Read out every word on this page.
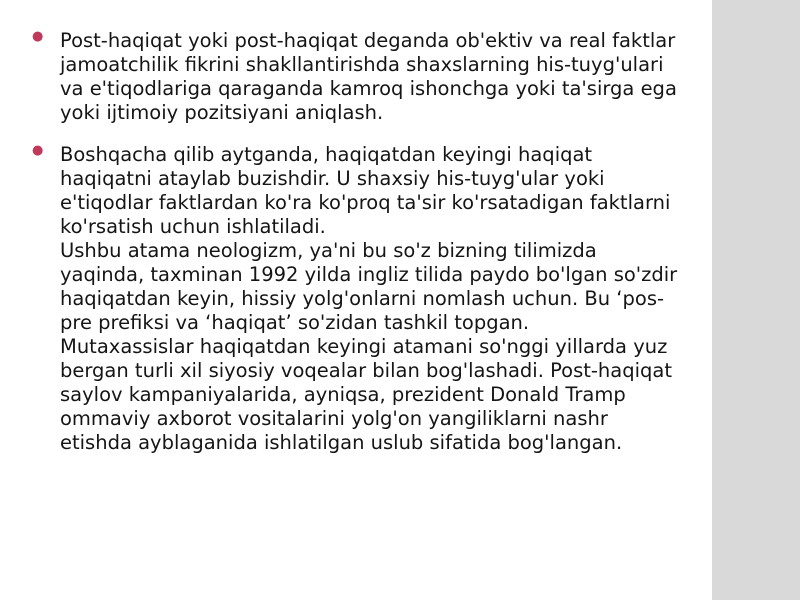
● Post-haqiqat yoki post-haqiqat deganda ob'ektiv va real faktlar jamoatchilik fikrini shakllantirishda shaxslarning his-tuyg'ulari va e'tiqodlariga qaraganda kamroq ishonchga yoki ta'sirga ega yoki ijtimoiy pozitsiyani aniqlash.

● Boshqacha qilib aytganda, haqiqatdan keyingi haqiqat haqiqatni ataylab buzishdir. U shaxsiy his-tuyg'ular yoki e'tiqodlar faktlardan ko'ra ko'proq ta'sir ko'rsatadigan faktlarni ko'rsatish uchun ishlatiladi.

Ushbu atama neologizm, ya'ni bu so'z bizning tilimizda yaqinda, taxminan 1992 yilda ingliz tilida paydo bo'lgan so'zdir haqiqatdan keyin, hissiy yolg'onlarni nomlash uchun. Bu ‘pos-pre prefiksi va ‘haqiqat’ so'zidan tashkil topgan.

Mutaxassislar haqiqatdan keyingi atamani so'nggi yillarda yuz bergan turli xil siyosiy voqealar bilan bog'lashadi. Post-haqiqat saylov kampaniyalarida, ayniqsa, prezident Donald Tramp ommaviy axborot vositalarini yolg'on yangiliklarni nashr etishda ayblaganida ishlatilgan uslub sifatida bog'langan.
